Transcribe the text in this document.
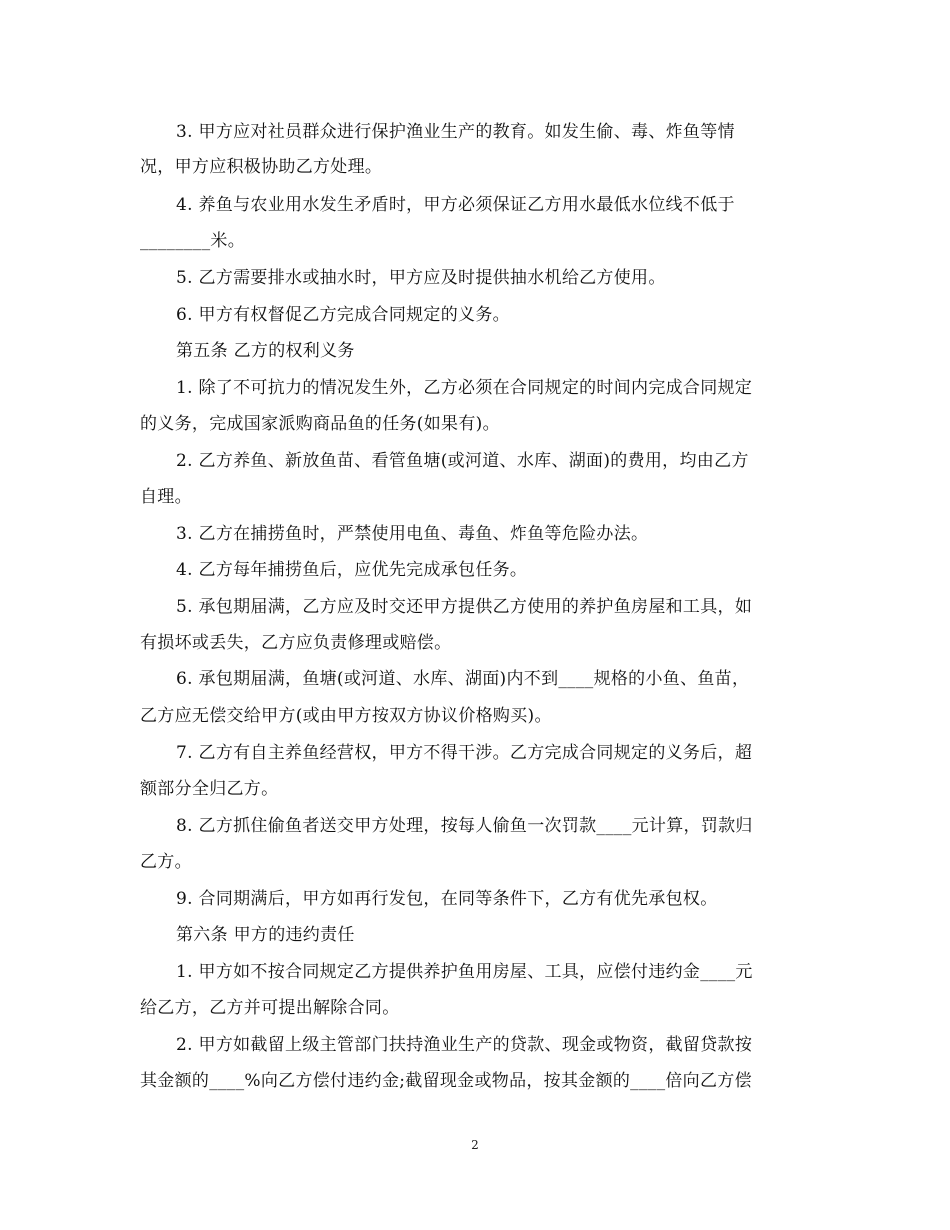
3. 甲方应对社员群众进行保护渔业生产的教育。如发生偷、毒、炸鱼等情
况，甲方应积极协助乙方处理。
4. 养鱼与农业用水发生矛盾时，甲方必须保证乙方用水最低水位线不低于
________米。
5. 乙方需要排水或抽水时，甲方应及时提供抽水机给乙方使用。
6. 甲方有权督促乙方完成合同规定的义务。
第五条 乙方的权利义务
1. 除了不可抗力的情况发生外，乙方必须在合同规定的时间内完成合同规定
的义务，完成国家派购商品鱼的任务(如果有)。
2. 乙方养鱼、新放鱼苗、看管鱼塘(或河道、水库、湖面)的费用，均由乙方
自理。
3. 乙方在捕捞鱼时，严禁使用电鱼、毒鱼、炸鱼等危险办法。
4. 乙方每年捕捞鱼后，应优先完成承包任务。
5. 承包期届满，乙方应及时交还甲方提供乙方使用的养护鱼房屋和工具，如
有损坏或丢失，乙方应负责修理或赔偿。
6. 承包期届满，鱼塘(或河道、水库、湖面)内不到____规格的小鱼、鱼苗，
乙方应无偿交给甲方(或由甲方按双方协议价格购买)。
7. 乙方有自主养鱼经营权，甲方不得干涉。乙方完成合同规定的义务后，超
额部分全归乙方。
8. 乙方抓住偷鱼者送交甲方处理，按每人偷鱼一次罚款____元计算，罚款归
乙方。
9. 合同期满后，甲方如再行发包，在同等条件下，乙方有优先承包权。
第六条 甲方的违约责任
1. 甲方如不按合同规定乙方提供养护鱼用房屋、工具，应偿付违约金____元
给乙方，乙方并可提出解除合同。
2. 甲方如截留上级主管部门扶持渔业生产的贷款、现金或物资，截留贷款按
其金额的____%向乙方偿付违约金;截留现金或物品，按其金额的____倍向乙方偿
2
